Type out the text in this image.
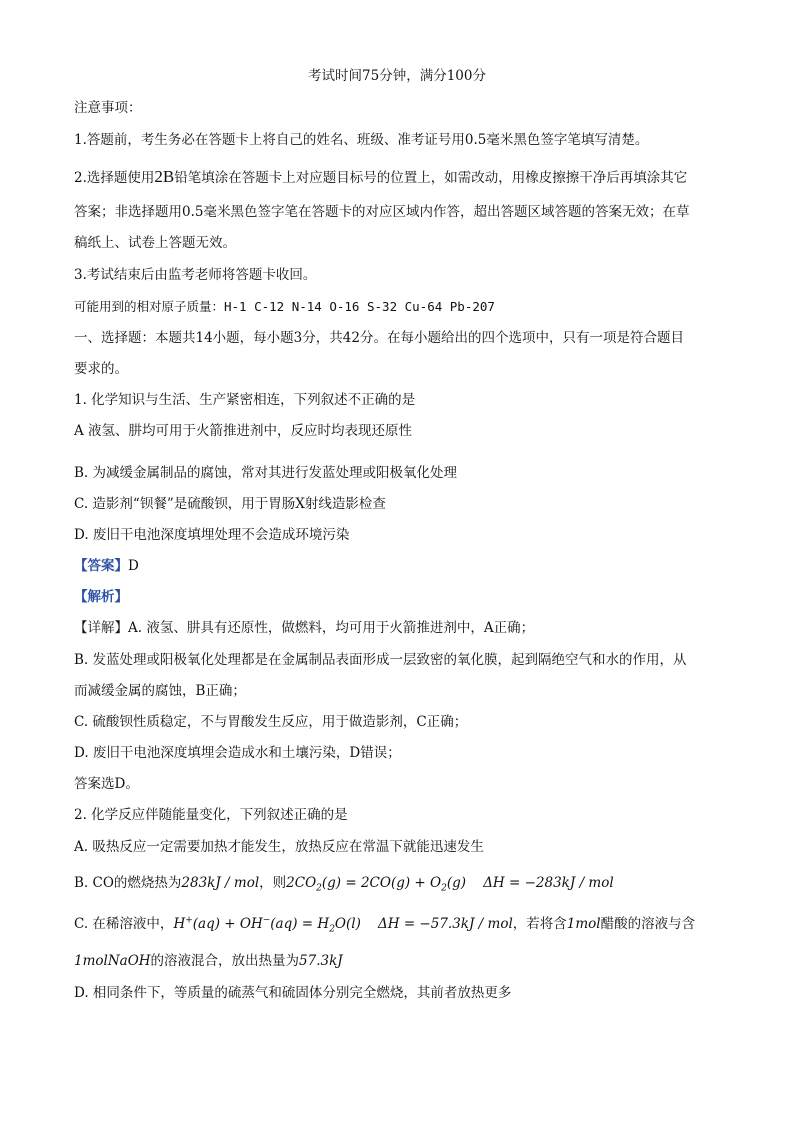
考试时间75分钟，满分100分
注意事项：
1.答题前，考生务必在答题卡上将自己的姓名、班级、准考证号用0.5毫米黑色签字笔填写清楚。
2.选择题使用2B铅笔填涂在答题卡上对应题目标号的位置上，如需改动，用橡皮擦擦干净后再填涂其它
答案；非选择题用0.5毫米黑色签字笔在答题卡的对应区域内作答，超出答题区域答题的答案无效；在草
稿纸上、试卷上答题无效。
3.考试结束后由监考老师将答题卡收回。
可能用到的相对原子质量：H-1 C-12 N-14 O-16 S-32 Cu-64 Pb-207
一、选择题：本题共14小题，每小题3分，共42分。在每小题给出的四个选项中，只有一项是符合题目
要求的。
1. 化学知识与生活、生产紧密相连，下列叙述不正确的是
A 液氢、肼均可用于火箭推进剂中，反应时均表现还原性
B. 为减缓金属制品的腐蚀，常对其进行发蓝处理或阳极氧化处理
C. 造影剂“钡餐”是硫酸钡，用于胃肠X射线造影检查
D. 废旧干电池深度填埋处理不会造成环境污染
【答案】D
【解析】
【详解】A. 液氢、肼具有还原性，做燃料，均可用于火箭推进剂中，A正确；
B. 发蓝处理或阳极氧化处理都是在金属制品表面形成一层致密的氧化膜，起到隔绝空气和水的作用，从
而减缓金属的腐蚀，B正确；
C. 硫酸钡性质稳定，不与胃酸发生反应，用于做造影剂，C正确；
D. 废旧干电池深度填埋会造成水和土壤污染，D错误；
答案选D。
2. 化学反应伴随能量变化，下列叙述正确的是
A. 吸热反应一定需要加热才能发生，放热反应在常温下就能迅速发生
B. CO的燃烧热为283kJ / mol，则$2CO_2(g) = 2CO(g) + O_2(g) \Delta H = -283kJ$ / mol
C. 在稀溶液中，$H^+(aq) + OH^-(aq) = H_2O(l) \Delta H = -57.3kJ$ / mol，若将含1mol醋酸的溶液与含
1molNaOH的溶液混合，放出热量为57.3kJ
D. 相同条件下，等质量的硫蒸气和硫固体分别完全燃烧，其前者放热更多
